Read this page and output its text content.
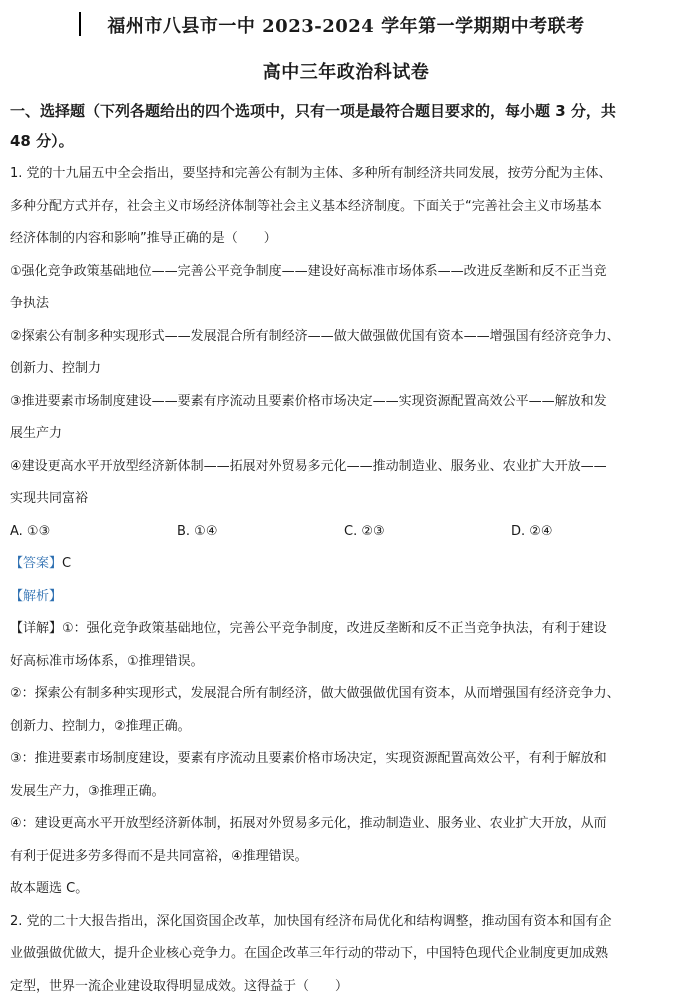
福州市八县市一中 2023-2024 学年第一学期期中考联考
高中三年政治科试卷

一、选择题（下列各题给出的四个选项中，只有一项是最符合题目要求的，每小题 3 分，共

48 分）。

1. 党的十九届五中全会指出，要坚持和完善公有制为主体、多种所有制经济共同发展，按劳分配为主体、

多种分配方式并存，社会主义市场经济体制等社会主义基本经济制度。下面关于“完善社会主义市场基本

经济体制的内容和影响”推导正确的是（　　）

①强化竞争政策基础地位——完善公平竞争制度——建设好高标准市场体系——改进反垄断和反不正当竞

争执法

②探索公有制多种实现形式——发展混合所有制经济——做大做强做优国有资本——增强国有经济竞争力、

创新力、控制力

③推进要素市场制度建设——要素有序流动且要素价格市场决定——实现资源配置高效公平——解放和发

展生产力

④建设更高水平开放型经济新体制——拓展对外贸易多元化——推动制造业、服务业、农业扩大开放——

实现共同富裕

A. ①③	B. ①④	C. ②③	D. ②④

【答案】C

【解析】

【详解】①：强化竞争政策基础地位，完善公平竞争制度，改进反垄断和反不正当竞争执法，有利于建设

好高标准市场体系，①推理错误。

②：探索公有制多种实现形式，发展混合所有制经济，做大做强做优国有资本，从而增强国有经济竞争力、

创新力、控制力，②推理正确。

③：推进要素市场制度建设，要素有序流动且要素价格市场决定，实现资源配置高效公平，有利于解放和

发展生产力，③推理正确。

④：建设更高水平开放型经济新体制，拓展对外贸易多元化，推动制造业、服务业、农业扩大开放，从而

有利于促进多劳多得而不是共同富裕，④推理错误。

故本题选 C。

2. 党的二十大报告指出，深化国资国企改革，加快国有经济布局优化和结构调整，推动国有资本和国有企

业做强做优做大，提升企业核心竞争力。在国企改革三年行动的带动下，中国特色现代企业制度更加成熟

定型，世界一流企业建设取得明显成效。这得益于（　　）
